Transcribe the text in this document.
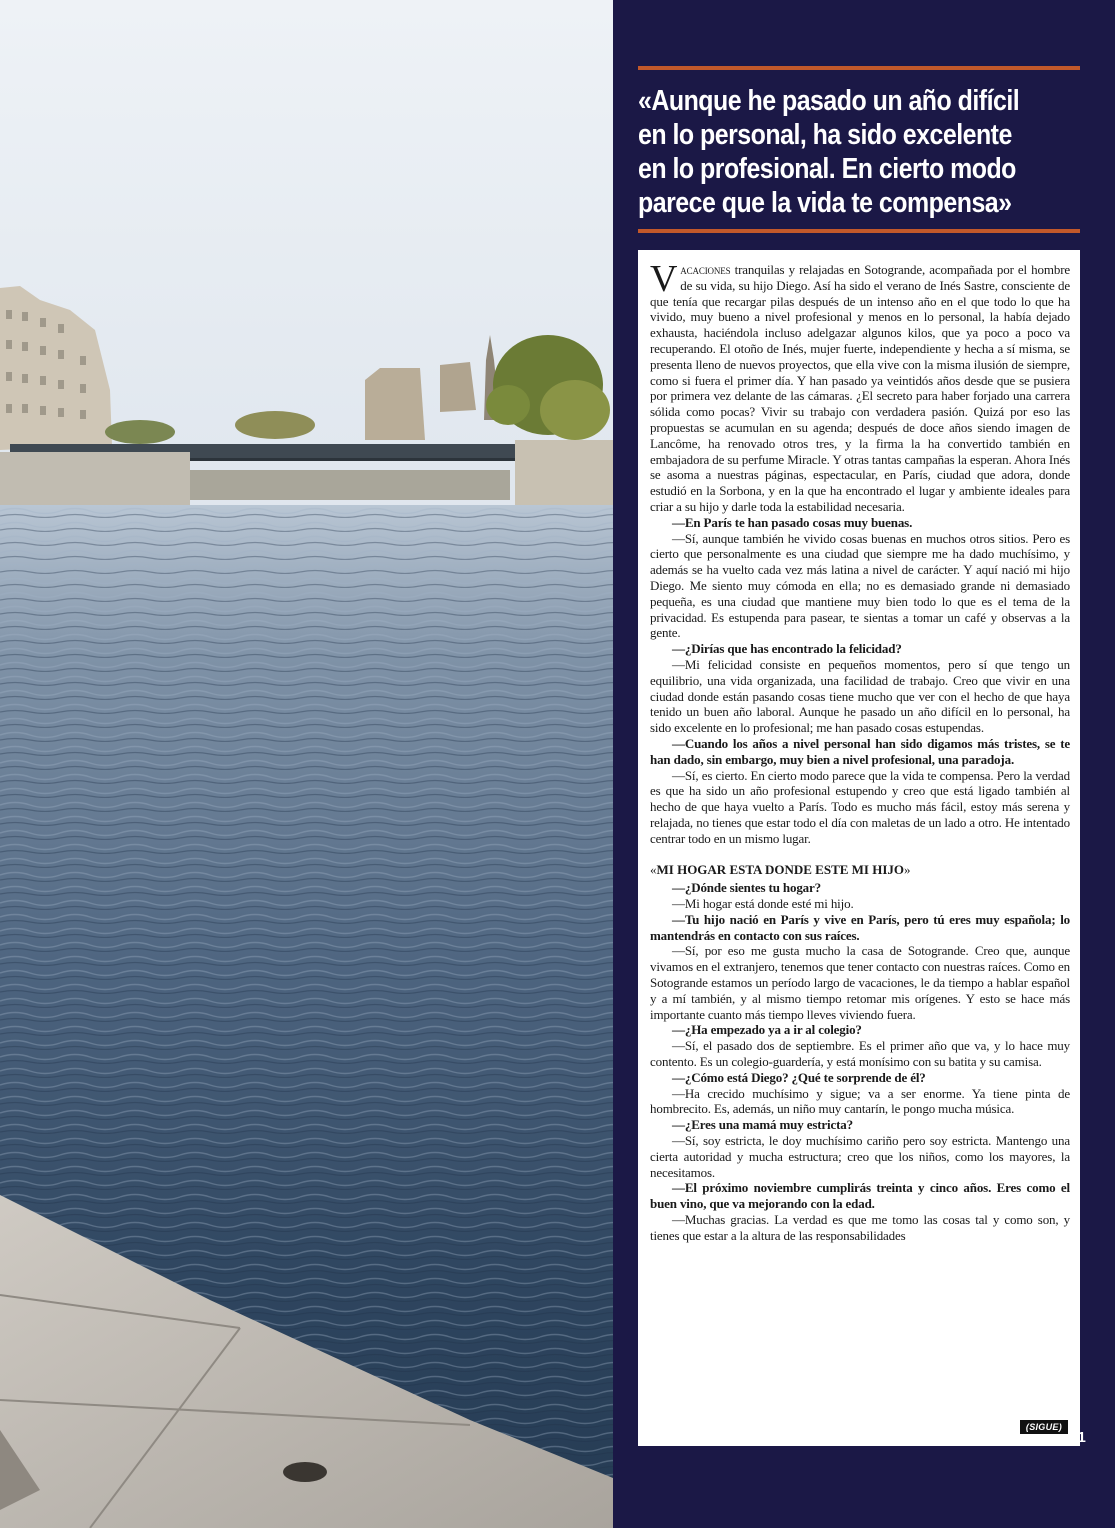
«Aunque he pasado un año difícil
en lo personal, ha sido excelente
en lo profesional. En cierto modo
parece que la vida te compensa»

Vacaciones tranquilas y relajadas en Sotogrande, acompañada por el hombre de su vida, su hijo Diego. Así ha sido el verano de Inés Sastre, consciente de que tenía que recargar pilas después de un intenso año en el que todo lo que ha vivido, muy bueno a nivel profesional y menos en lo personal, la había dejado exhausta, haciéndola incluso adelgazar algunos kilos, que ya poco a poco va recuperando. El otoño de Inés, mujer fuerte, independiente y hecha a sí misma, se presenta lleno de nuevos proyectos, que ella vive con la misma ilusión de siempre, como si fuera el primer día. Y han pasado ya veintidós años desde que se pusiera por primera vez delante de las cámaras. ¿El secreto para haber forjado una carrera sólida como pocas? Vivir su trabajo con verdadera pasión. Quizá por eso las propuestas se acumulan en su agenda; después de doce años siendo imagen de Lancôme, ha renovado otros tres, y la firma la ha convertido también en embajadora de su perfume Miracle. Y otras tantas campañas la esperan. Ahora Inés se asoma a nuestras páginas, espectacular, en París, ciudad que adora, donde estudió en la Sorbona, y en la que ha encontrado el lugar y ambiente ideales para criar a su hijo y darle toda la estabilidad necesaria.

—En París te han pasado cosas muy buenas.

—Sí, aunque también he vivido cosas buenas en muchos otros sitios. Pero es cierto que personalmente es una ciudad que siempre me ha dado muchísimo, y además se ha vuelto cada vez más latina a nivel de carácter. Y aquí nació mi hijo Diego. Me siento muy cómoda en ella; no es demasiado grande ni demasiado pequeña, es una ciudad que mantiene muy bien todo lo que es el tema de la privacidad. Es estupenda para pasear, te sientas a tomar un café y observas a la gente.

—¿Dirías que has encontrado la felicidad?

—Mi felicidad consiste en pequeños momentos, pero sí que tengo un equilibrio, una vida organizada, una facilidad de trabajo. Creo que vivir en una ciudad donde están pasando cosas tiene mucho que ver con el hecho de que haya tenido un buen año laboral. Aunque he pasado un año difícil en lo personal, ha sido excelente en lo profesional; me han pasado cosas estupendas.

—Cuando los años a nivel personal han sido digamos más tristes, se te han dado, sin embargo, muy bien a nivel profesional, una paradoja.

—Sí, es cierto. En cierto modo parece que la vida te compensa. Pero la verdad es que ha sido un año profesional estupendo y creo que está ligado también al hecho de que haya vuelto a París. Todo es mucho más fácil, estoy más serena y relajada, no tienes que estar todo el día con maletas de un lado a otro. He intentado centrar todo en un mismo lugar.

«MI HOGAR ESTA DONDE ESTE MI HIJO»

—¿Dónde sientes tu hogar?

—Mi hogar está donde esté mi hijo.

—Tu hijo nació en París y vive en París, pero tú eres muy española; lo mantendrás en contacto con sus raíces.

—Sí, por eso me gusta mucho la casa de Sotogrande. Creo que, aunque vivamos en el extranjero, tenemos que tener contacto con nuestras raíces. Como en Sotogrande estamos un período largo de vacaciones, le da tiempo a hablar español y a mí también, y al mismo tiempo retomar mis orígenes. Y esto se hace más importante cuanto más tiempo lleves viviendo fuera.

—¿Ha empezado ya a ir al colegio?

—Sí, el pasado dos de septiembre. Es el primer año que va, y lo hace muy contento. Es un colegio-guardería, y está monísimo con su batita y su camisa.

—¿Cómo está Diego? ¿Qué te sorprende de él?

—Ha crecido muchísimo y sigue; va a ser enorme. Ya tiene pinta de hombrecito. Es, además, un niño muy cantarín, le pongo mucha música.

—¿Eres una mamá muy estricta?

—Sí, soy estricta, le doy muchísimo cariño pero soy estricta. Mantengo una cierta autoridad y mucha estructura; creo que los niños, como los mayores, la necesitamos.

—El próximo noviembre cumplirás treinta y cinco años. Eres como el buen vino, que va mejorando con la edad.

—Muchas gracias. La verdad es que me tomo las cosas tal y como son, y tienes que estar a la altura de las responsabilidades

(SIGUE)
11
